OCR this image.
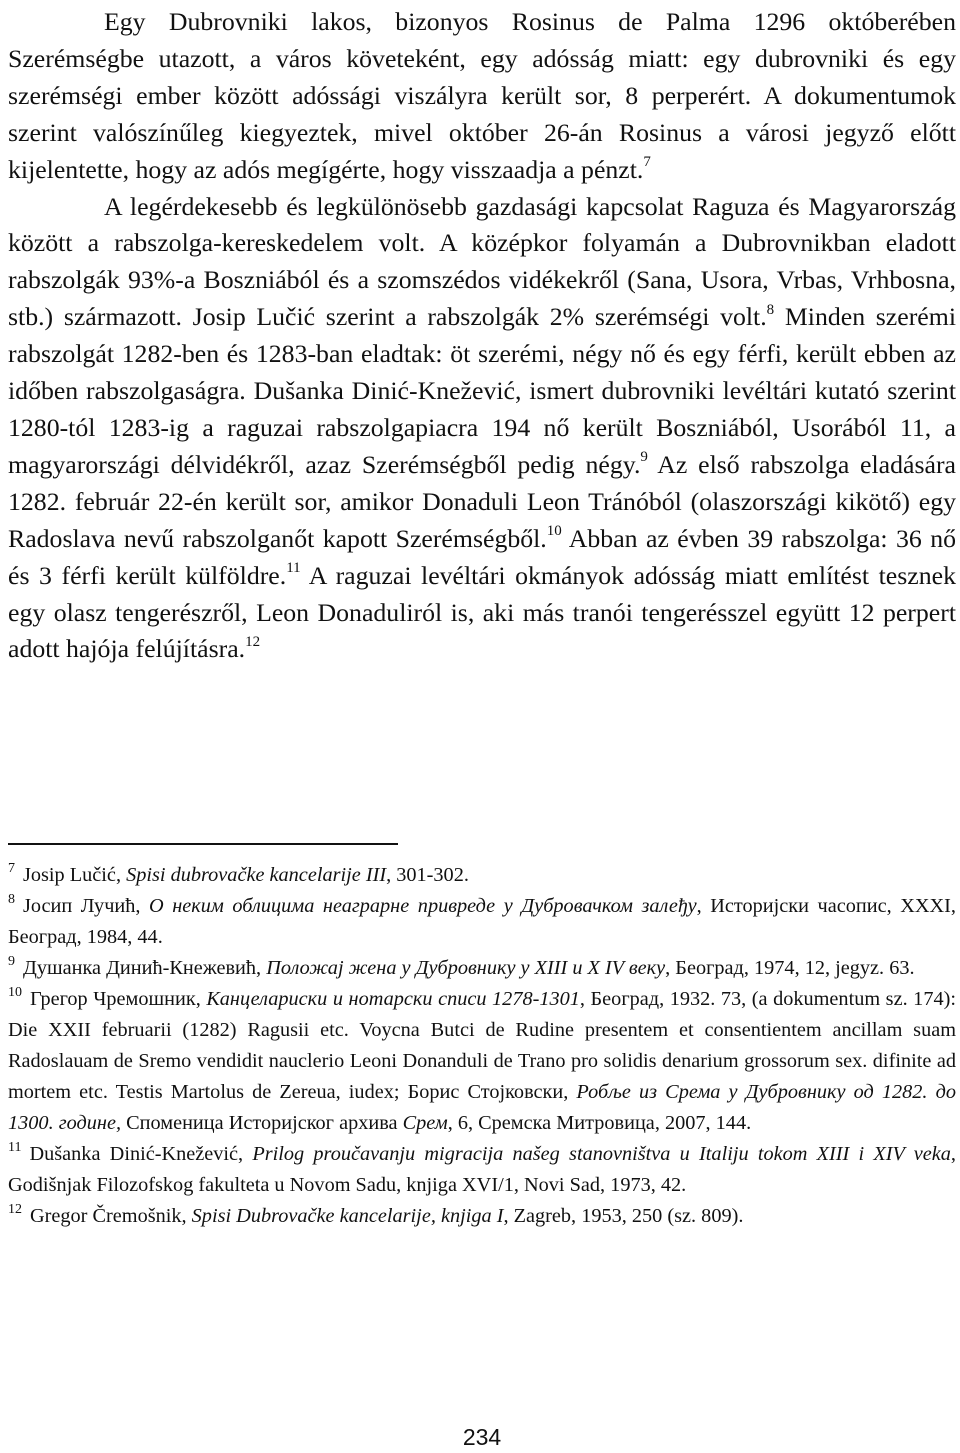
Egy Dubrovniki lakos, bizonyos Rosinus de Palma 1296 októberében Szerémségbe utazott, a város követeként, egy adósság miatt: egy dubrovniki és egy szerémségi ember között adóssági viszályra került sor, 8 perperért. A dokumentumok szerint valószínűleg kiegyeztek, mivel október 26-án Rosinus a városi jegyző előtt kijelentette, hogy az adós megígérte, hogy visszaadja a pénzt.$^7$

A legérdekesebb és legkülönösebb gazdasági kapcsolat Raguza és Magyarország között a rabszolga-kereskedelem volt. A középkor folyamán a Dubrovnikban eladott rabszolgák 93%-a Boszniából és a szomszédos vidékekről (Sana, Usora, Vrbas, Vrhbosna, stb.) származott. Josip Lučić szerint a rabszolgák 2% szerémségi volt.$^8$ Minden szerémi rabszolgát 1282-ben és 1283-ban eladtak: öt szerémi, négy nő és egy férfi, került ebben az időben rabszolgaságra. Dušanka Dinić-Knežević, ismert dubrovniki levéltári kutató szerint 1280-tól 1283-ig a raguzai rabszolgapiacra 194 nő került Boszniából, Usorából 11, a magyarországi délvidékről, azaz Szerémségből pedig négy.$^9$ Az első rabszolga eladására 1282. február 22-én került sor, amikor Donaduli Leon Tránóból (olaszországi kikötő) egy Radoslava nevű rabszolganőt kapott Szerémségből.$^{10}$ Abban az évben 39 rabszolga: 36 nő és 3 férfi került külföldre.$^{11}$ A raguzai levéltári okmányok adósság miatt említést tesznek egy olasz tengerészről, Leon Donaduliról is, aki más tranói tengerésszel együtt 12 perpert adott hajója felújításra.$^{12}$

$^7$ Josip Lučić, Spisi dubrovačke kancelarije III, 301-302.

$^8$ Јосип Лучић, О неким облицима неаграрне привреде у Дубровачком залеђу, Историјски часопис, XXXI, Београд, 1984, 44.

$^9$ Душанка Динић-Кнежевић, Положај жена у Дубровнику у XIII и X IV веку, Београд, 1974, 12, jegyz. 63.

$^{10}$ Грегор Чремошник, Канцелариски и нотарски списи 1278-1301, Београд, 1932. 73, (a dokumentum sz. 174): Die XXII februarii (1282) Ragusii etc. Voycna Butci de Rudine presentem et consentientem ancillam suam Radoslauam de Sremo vendidit nauclerio Leoni Donanduli de Trano pro solidis denarium grossorum sex. difinite ad mortem etc. Testis Martolus de Zereua, iudex; Борис Стојковски, Робље из Срема у Дубровнику од 1282. до 1300. године, Споменица Историјског архива Срем, 6, Сремска Митровица, 2007, 144.

$^{11}$ Dušanka Dinić-Knežević, Prilog proučavanju migracija našeg stanovništva u Italiju tokom XIII i XIV veka, Godišnjak Filozofskog fakulteta u Novom Sadu, knjiga XVI/1, Novi Sad, 1973, 42.

$^{12}$ Gregor Čremošnik, Spisi Dubrovačke kancelarije, knjiga I, Zagreb, 1953, 250 (sz. 809).

234
